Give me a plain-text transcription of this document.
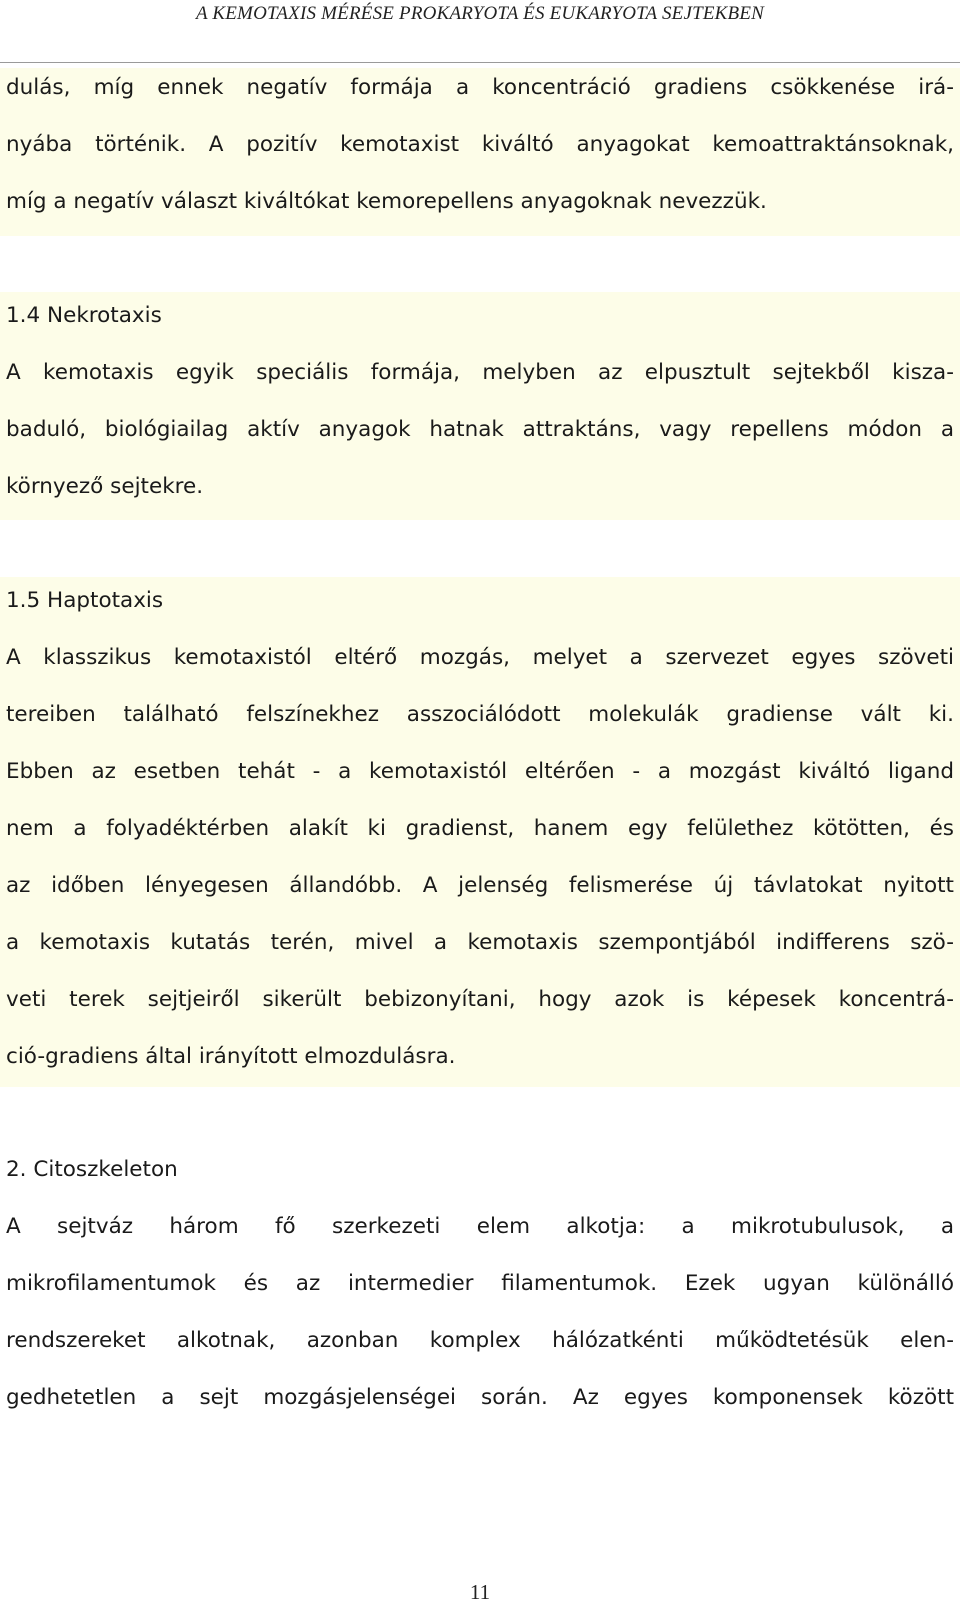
A KEMOTAXIS MÉRÉSE PROKARYOTA ÉS EUKARYOTA SEJTEKBEN
dulás, míg ennek negatív formája a koncentráció gradiens csökkenése irá-
nyába történik. A pozitív kemotaxist kiváltó anyagokat kemoattraktánsoknak,
míg a negatív választ kiváltókat kemorepellens anyagoknak nevezzük.
1.4 Nekrotaxis
A kemotaxis egyik speciális formája, melyben az elpusztult sejtekből kisza-
baduló, biológiailag aktív anyagok hatnak attraktáns, vagy repellens módon a
környező sejtekre.
1.5 Haptotaxis
A klasszikus kemotaxistól eltérő mozgás, melyet a szervezet egyes szöveti
tereiben található felszínekhez asszociálódott molekulák gradiense vált ki.
Ebben az esetben tehát - a kemotaxistól eltérően - a mozgást kiváltó ligand
nem a folyadéktérben alakít ki gradienst, hanem egy felülethez kötötten, és
az időben lényegesen állandóbb. A jelenség felismerése új távlatokat nyitott
a kemotaxis kutatás terén, mivel a kemotaxis szempontjából indifferens szö-
veti terek sejtjeiről sikerült bebizonyítani, hogy azok is képesek koncentrá-
ció-gradiens által irányított elmozdulásra.
2. Citoszkeleton
A sejtváz három fő szerkezeti elem alkotja: a mikrotubulusok, a
mikrofilamentumok és az intermedier filamentumok. Ezek ugyan különálló
rendszereket alkotnak, azonban komplex hálózatkénti működtetésük elen-
gedhetetlen a sejt mozgásjelenségei során. Az egyes komponensek között
11
